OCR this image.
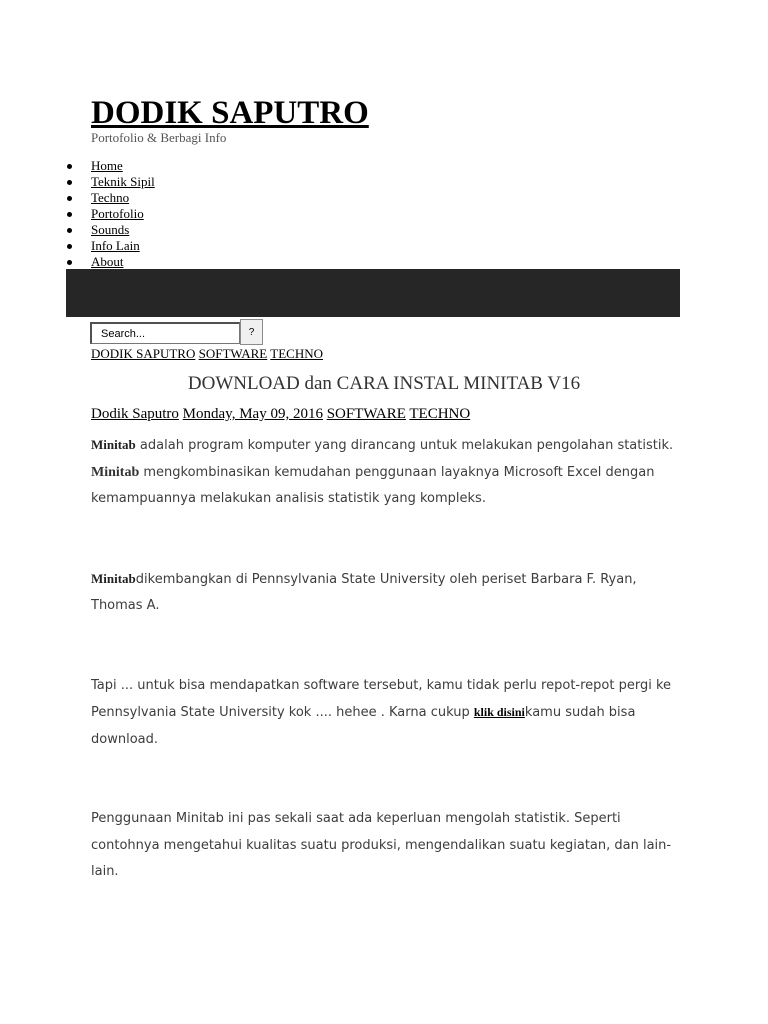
DODIK SAPUTRO
Portofolio & Berbagi Info
Home
Teknik Sipil
Techno
Portofolio
Sounds
Info Lain
About
Search...
?
DODIK SAPUTRO SOFTWARE TECHNO
DOWNLOAD dan CARA INSTAL MINITAB V16
Dodik Saputro Monday, May 09, 2016 SOFTWARE TECHNO

Minitab adalah program komputer yang dirancang untuk melakukan pengolahan statistik. Minitab mengkombinasikan kemudahan penggunaan layaknya Microsoft Excel dengan kemampuannya melakukan analisis statistik yang kompleks.

Minitabdikembangkan di Pennsylvania State University oleh periset Barbara F. Ryan, Thomas A.

Tapi ... untuk bisa mendapatkan software tersebut, kamu tidak perlu repot-repot pergi ke Pennsylvania State University kok .... hehee . Karna cukup klik disinikamu sudah bisa download.

Penggunaan Minitab ini pas sekali saat ada keperluan mengolah statistik. Seperti contohnya mengetahui kualitas suatu produksi, mengendalikan suatu kegiatan, dan lain-lain.
